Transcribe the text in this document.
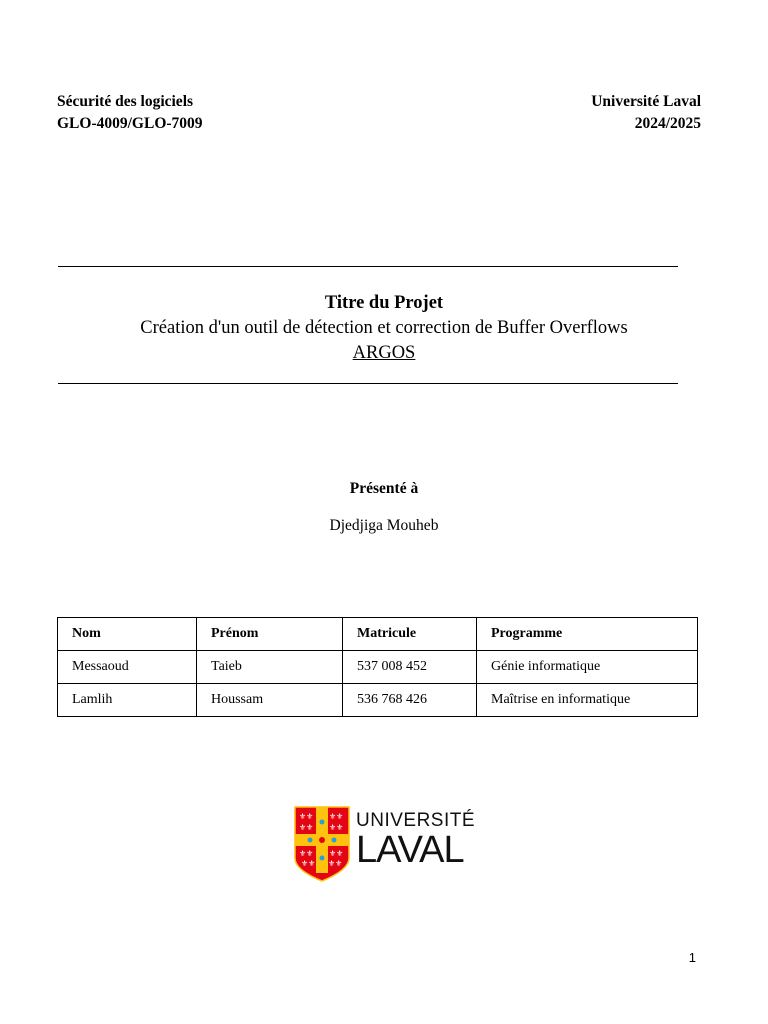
Sécurité des logiciels
GLO-4009/GLO-7009
Université Laval
2024/2025
Titre du Projet
Création d'un outil de détection et correction de Buffer Overflows
ARGOS
Présenté à
Djedjiga Mouheb
Nom	Prénom	Matricule	Programme
Messaoud	Taieb	537 008 452	Génie informatique
Lamlih	Houssam	536 768 426	Maîtrise en informatique
⚜⚜ ⚜⚜
⚜⚜ ⚜⚜
⚜⚜ ⚜⚜
⚜⚜ ⚜⚜
UNIVERSITÉ
LAVAL
1
